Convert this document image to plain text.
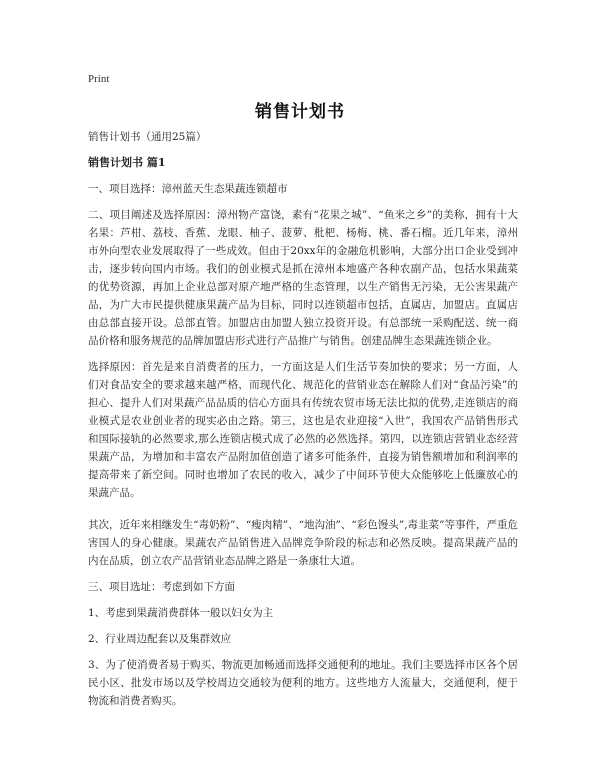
Print
销售计划书

销售计划书（通用25篇）

销售计划书 篇1

一、项目选择：漳州蓝天生态果蔬连锁超市

二、项目阐述及选择原因：漳州物产富饶，素有“花果之城”、“鱼米之乡”的美称，拥有十大名果：芦柑、荔枝、香蕉、龙眼、柚子、菠萝、枇杷、杨梅、桃、番石榴。近几年来，漳州市外向型农业发展取得了一些成效。但由于20xx年的金融危机影响，大部分出口企业受到冲击，逐步转向国内市场。我们的创业模式是抓在漳州本地盛产各种农副产品，包括水果蔬菜的优势资源，再加上企业总部对原产地严格的生态管理，以生产销售无污染，无公害果蔬产品，为广大市民提供健康果蔬产品为目标，同时以连锁超市包括，直属店，加盟店。直属店由总部直接开设。总部直管。加盟店由加盟人独立投资开设。有总部统一采购配送、统一商品价格和服务规范的品牌加盟店形式进行产品推广与销售。创建品牌生态果蔬连锁企业。

选择原因：首先是来自消费者的压力，一方面这是人们生活节奏加快的要求；另一方面，人们对食品安全的要求越来越严格，而现代化、规范化的营销业态在解除人们对“食品污染”的担心、提升人们对果蔬产品品质的信心方面具有传统农贸市场无法比拟的优势,走连锁店的商业模式是农业创业者的现实必由之路。第三，这也是农业迎接“入世”，我国农产品销售形式和国际接轨的必然要求,那么连锁店模式成了必然的必然选择。第四，以连锁店营销业态经营果蔬产品，为增加和丰富农产品附加值创造了诸多可能条件，直接为销售额增加和利润率的提高带来了新空间。同时也增加了农民的收入，减少了中间环节使大众能够吃上低廉放心的果蔬产品。

其次，近年来相继发生“毒奶粉”、“瘦肉精”、“地沟油”、“彩色馒头”,毒韭菜”等事件，严重危害国人的身心健康。果蔬农产品销售进入品牌竞争阶段的标志和必然反映。提高果蔬产品的内在品质，创立农产品营销业态品牌之路是一条康壮大道。

三、项目选址：考虑到如下方面

1、考虑到果蔬消费群体一般以妇女为主

2、行业周边配套以及集群效应

3、为了使消费者易于购买、物流更加畅通而选择交通便利的地址。我们主要选择市区各个居民小区、批发市场以及学校周边交通较为便利的地方。这些地方人流量大，交通便利，便于物流和消费者购买。
